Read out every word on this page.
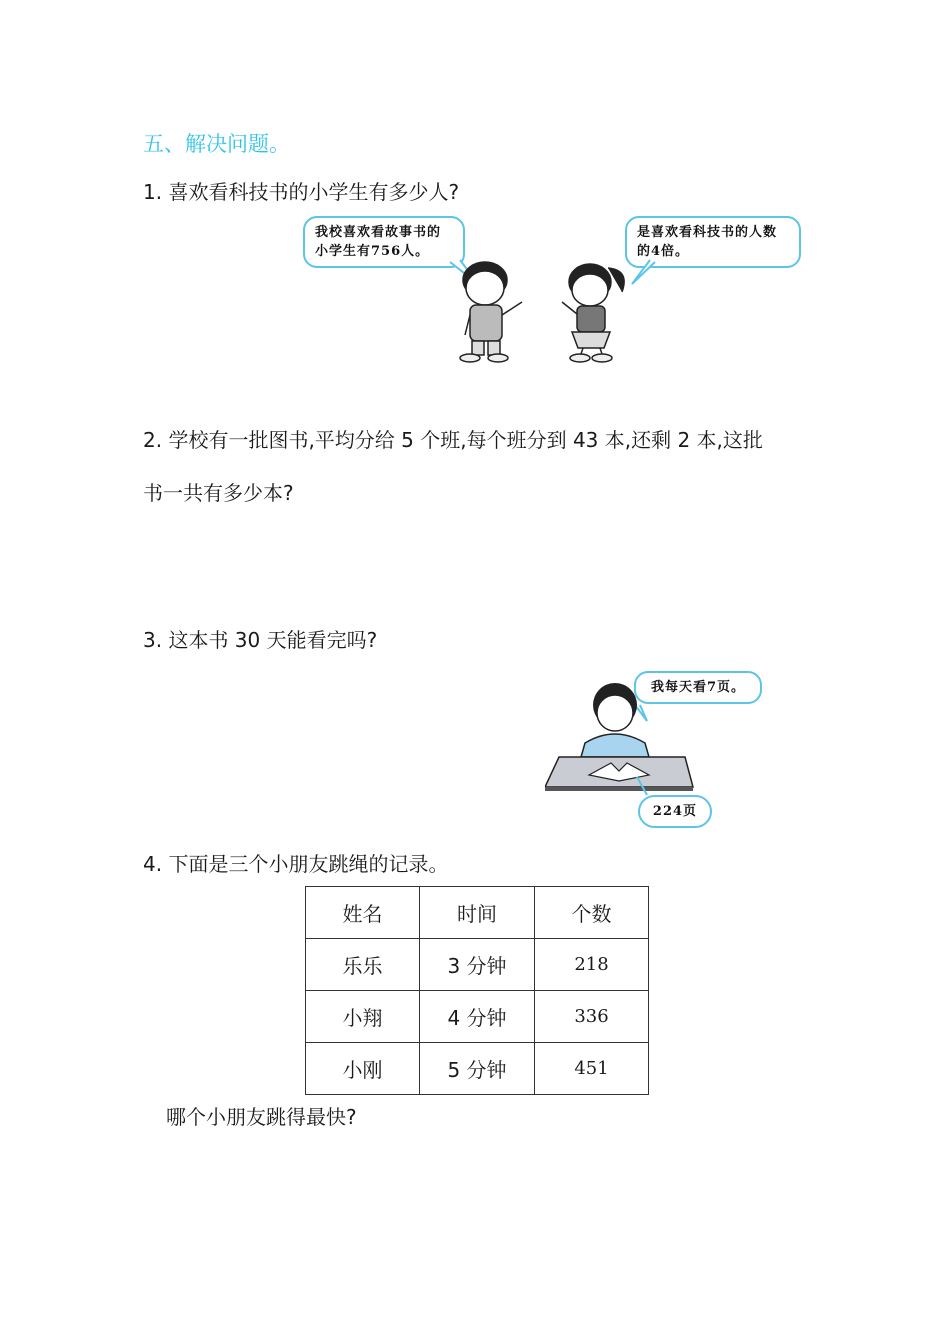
五、解决问题。
1. 喜欢看科技书的小学生有多少人?
我校喜欢看故事书的小学生有756人。
是喜欢看科技书的人数的4倍。
2. 学校有一批图书,平均分给 5 个班,每个班分到 43 本,还剩 2 本,这批
书一共有多少本?
3. 这本书 30 天能看完吗?
我每天看7页。
224页
4. 下面是三个小朋友跳绳的记录。
姓名	时间	个数
乐乐	3 分钟	218
小翔	4 分钟	336
小刚	5 分钟	451
哪个小朋友跳得最快?
